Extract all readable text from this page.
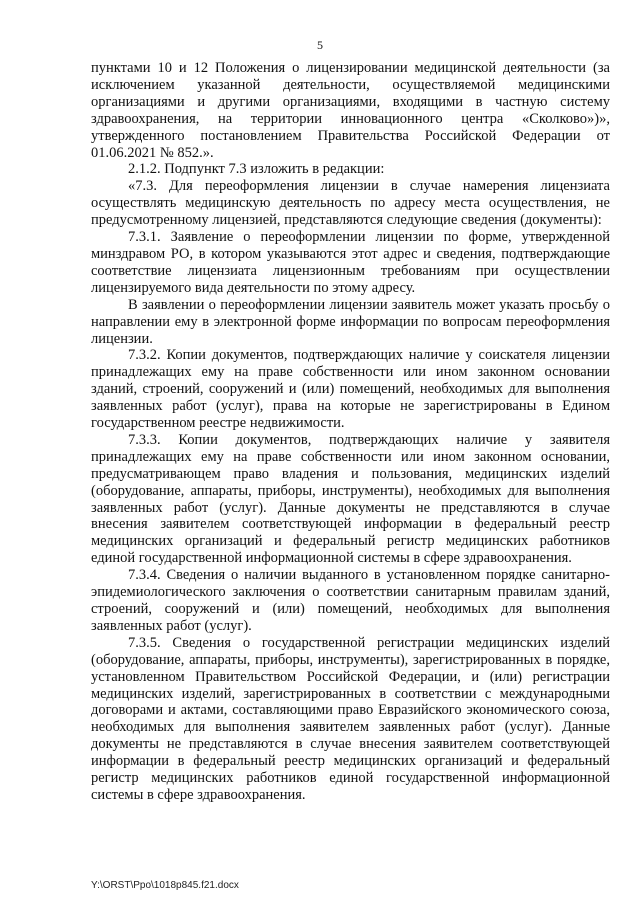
5

пунктами 10 и 12 Положения о лицензировании медицинской деятельности (за исключением указанной деятельности, осуществляемой медицинскими организациями и другими организациями, входящими в частную систему здравоохранения, на территории инновационного центра «Сколково»)», утвержденного постановлением Правительства Российской Федерации от 01.06.2021 № 852.».

2.1.2. Подпункт 7.3 изложить в редакции:

«7.3. Для переоформления лицензии в случае намерения лицензиата осуществлять медицинскую деятельность по адресу места осуществления, не предусмотренному лицензией, представляются следующие сведения (документы):

7.3.1. Заявление о переоформлении лицензии по форме, утвержденной минздравом РО, в котором указываются этот адрес и сведения, подтверждающие соответствие лицензиата лицензионным требованиям при осуществлении лицензируемого вида деятельности по этому адресу.

В заявлении о переоформлении лицензии заявитель может указать просьбу о направлении ему в электронной форме информации по вопросам переоформления лицензии.

7.3.2. Копии документов, подтверждающих наличие у соискателя лицензии принадлежащих ему на праве собственности или ином законном основании зданий, строений, сооружений и (или) помещений, необходимых для выполнения заявленных работ (услуг), права на которые не зарегистрированы в Едином государственном реестре недвижимости.

7.3.3. Копии документов, подтверждающих наличие у заявителя принадлежащих ему на праве собственности или ином законном основании, предусматривающем право владения и пользования, медицинских изделий (оборудование, аппараты, приборы, инструменты), необходимых для выполнения заявленных работ (услуг). Данные документы не представляются в случае внесения заявителем соответствующей информации в федеральный реестр медицинских организаций и федеральный регистр медицинских работников единой государственной информационной системы в сфере здравоохранения.

7.3.4. Сведения о наличии выданного в установленном порядке санитарно-эпидемиологического заключения о соответствии санитарным правилам зданий, строений, сооружений и (или) помещений, необходимых для выполнения заявленных работ (услуг).

7.3.5. Сведения о государственной регистрации медицинских изделий (оборудование, аппараты, приборы, инструменты), зарегистрированных в порядке, установленном Правительством Российской Федерации, и (или) регистрации медицинских изделий, зарегистрированных в соответствии с международными договорами и актами, составляющими право Евразийского экономического союза, необходимых для выполнения заявителем заявленных работ (услуг). Данные документы не представляются в случае внесения заявителем соответствующей информации в федеральный реестр медицинских организаций и федеральный регистр медицинских работников единой государственной информационной системы в сфере здравоохранения.

Y:\ORST\Ppo\1018p845.f21.docx
